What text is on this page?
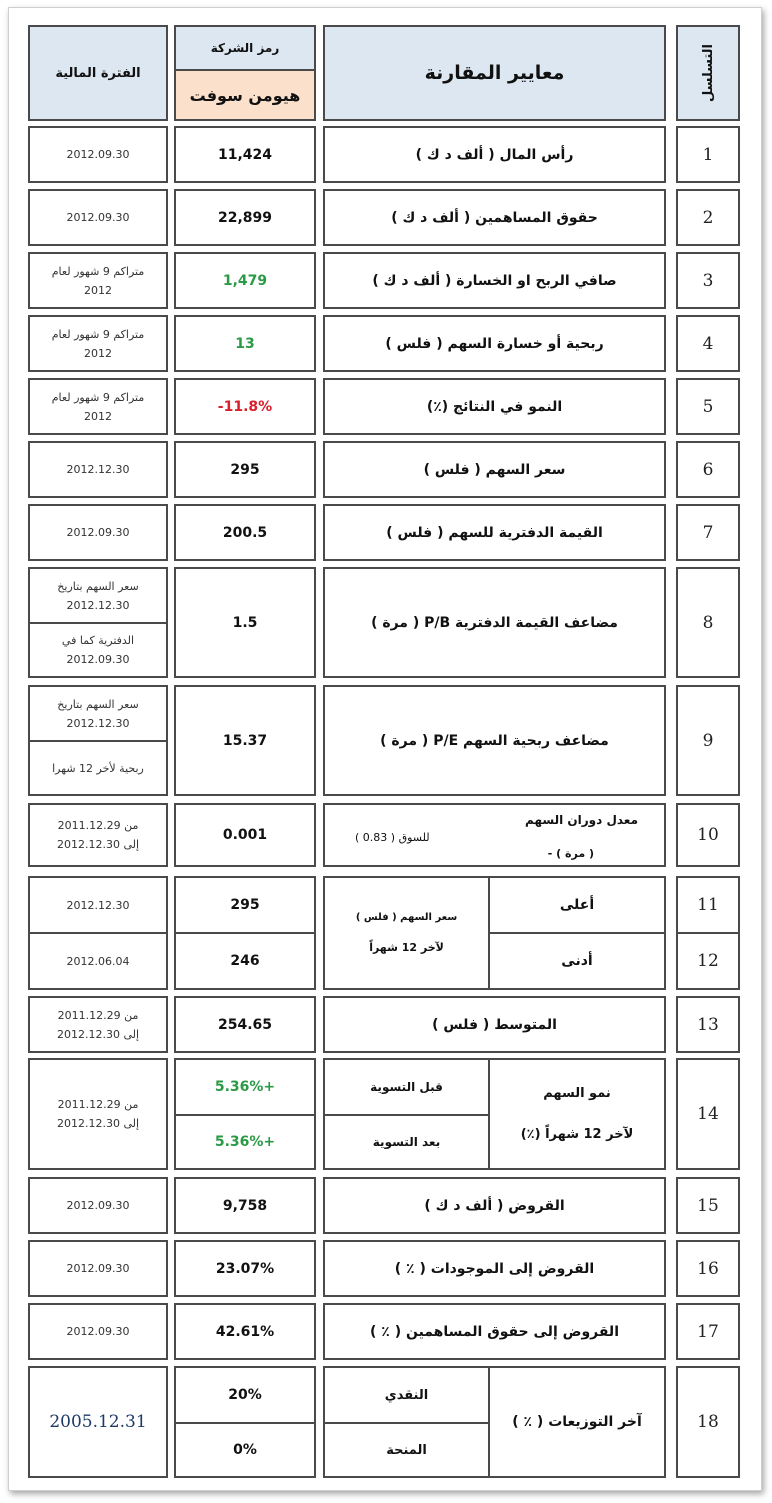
التسلسل
معايير المقارنة
رمز الشركة
هيومن سوفت
الفترة المالية
1
رأس المال ( ألف د ك )
11,424
2012.09.30
2
حقوق المساهمين ( ألف د ك )
22,899
2012.09.30
3
صافي الربح او الخسارة ( ألف د ك )
1,479
متراكم 9 شهور لعام
2012
4
ربحية أو خسارة السهم ( فلس )
13
متراكم 9 شهور لعام
2012
5
النمو في النتائج (٪)
-11.8%
متراكم 9 شهور لعام
2012
6
سعر السهم ( فلس )
295
2012.12.30
7
القيمة الدفترية للسهم ( فلس )
200.5
2012.09.30
8
مضاعف القيمة الدفترية P/B ( مرة )
1.5
سعر السهم بتاريخ
2012.12.30
الدفترية كما في
2012.09.30
9
مضاعف ربحية السهم P/E ( مرة )
15.37
سعر السهم بتاريخ
2012.12.30
ربحية لأخر 12 شهرا
10
معدل دوران السهم
للسوق ( 0.83 )
( مرة ) -
0.001
من 2011.12.29
إلى 2012.12.30
11
12
أعلى
أدنى
سعر السهم ( فلس )
لآخر 12 شهراً
295
246
2012.12.30
2012.06.04
13
المتوسط ( فلس )
254.65
من 2011.12.29
إلى 2012.12.30
14
نمو السهم
لآخر 12 شهراً (٪)
قبل التسوية
بعد التسوية
5.36%+
5.36%+
من 2011.12.29
إلى 2012.12.30
15
القروض ( ألف د ك )
9,758
2012.09.30
16
القروض إلى الموجودات ( ٪ )
23.07%
2012.09.30
17
القروض إلى حقوق المساهمين ( ٪ )
42.61%
2012.09.30
18
آخر التوزيعات ( ٪ )
النقدي
المنحة
20%
0%
2005.12.31
